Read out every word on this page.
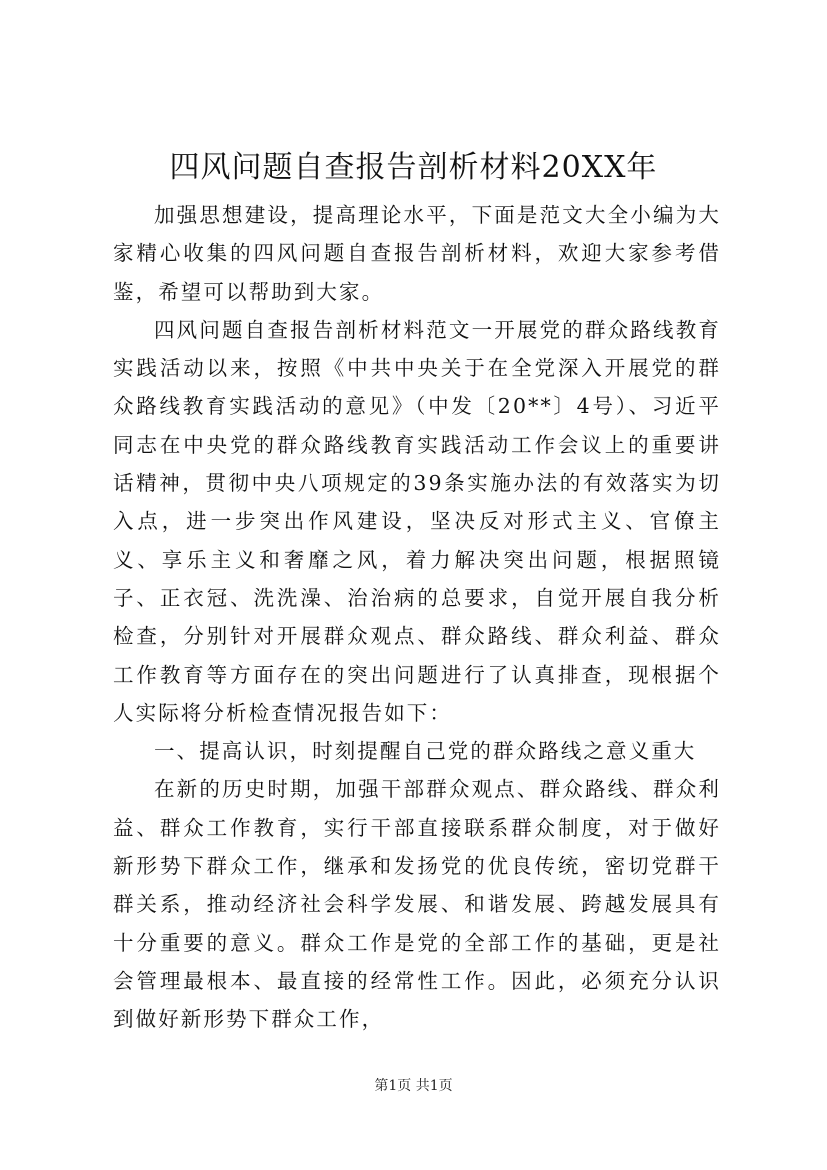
四风问题自查报告剖析材料20XX年

加强思想建设，提高理论水平，下面是范文大全小编为大家精心收集的四风问题自查报告剖析材料，欢迎大家参考借鉴，希望可以帮助到大家。

四风问题自查报告剖析材料范文一开展党的群众路线教育实践活动以来，按照《中共中央关于在全党深入开展党的群众路线教育实践活动的意见》（中发〔20**〕4号）、习近平同志在中央党的群众路线教育实践活动工作会议上的重要讲话精神，贯彻中央八项规定的39条实施办法的有效落实为切入点，进一步突出作风建设，坚决反对形式主义、官僚主义、享乐主义和奢靡之风，着力解决突出问题，根据照镜子、正衣冠、洗洗澡、治治病的总要求，自觉开展自我分析检查，分别针对开展群众观点、群众路线、群众利益、群众工作教育等方面存在的突出问题进行了认真排查，现根据个人实际将分析检查情况报告如下：

一、提高认识，时刻提醒自己党的群众路线之意义重大

在新的历史时期，加强干部群众观点、群众路线、群众利益、群众工作教育，实行干部直接联系群众制度，对于做好新形势下群众工作，继承和发扬党的优良传统，密切党群干群关系，推动经济社会科学发展、和谐发展、跨越发展具有十分重要的意义。群众工作是党的全部工作的基础，更是社会管理最根本、最直接的经常性工作。因此，必须充分认识到做好新形势下群众工作，

第1页 共1页
